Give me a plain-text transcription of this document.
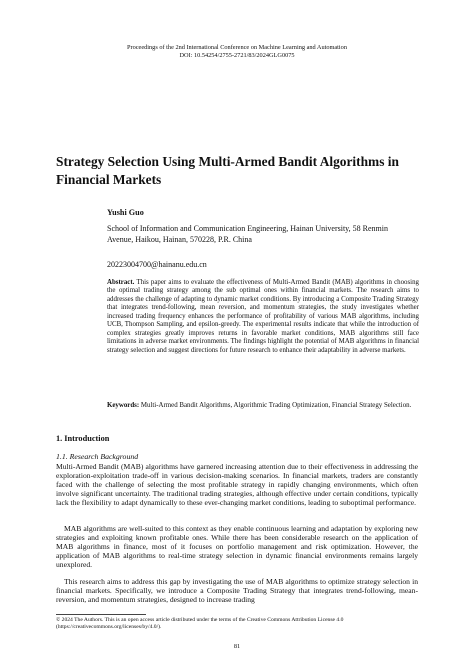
Proceedings of the 2nd International Conference on Machine Learning and Automation
DOI: 10.54254/2755-2721/83/2024GLG0075
Strategy Selection Using Multi-Armed Bandit Algorithms in Financial Markets
Yushi Guo
School of Information and Communication Engineering, Hainan University, 58 Renmin Avenue, Haikou, Hainan, 570228, P.R. China
20223004700@hainanu.edu.cn
Abstract. This paper aims to evaluate the effectiveness of Multi-Armed Bandit (MAB) algorithms in choosing the optimal trading strategy among the sub optimal ones within financial markets. The research aims to addresses the challenge of adapting to dynamic market conditions. By introducing a Composite Trading Strategy that integrates trend-following, mean reversion, and momentum strategies, the study investigates whether increased trading frequency enhances the performance of profitability of various MAB algorithms, including UCB, Thompson Sampling, and epsilon-greedy. The experimental results indicate that while the introduction of complex strategies greatly improves returns in favorable market conditions, MAB algorithms still face limitations in adverse market environments. The findings highlight the potential of MAB algorithms in financial strategy selection and suggest directions for future research to enhance their adaptability in adverse markets.
Keywords: Multi-Armed Bandit Algorithms, Algorithmic Trading Optimization, Financial Strategy Selection.
1. Introduction
1.1. Research Background

Multi-Armed Bandit (MAB) algorithms have garnered increasing attention due to their effectiveness in addressing the exploration-exploitation trade-off in various decision-making scenarios. In financial markets, traders are constantly faced with the challenge of selecting the most profitable strategy in rapidly changing environments, which often involve significant uncertainty. The traditional trading strategies, although effective under certain conditions, typically lack the flexibility to adapt dynamically to these ever-changing market conditions, leading to suboptimal performance.

MAB algorithms are well-suited to this context as they enable continuous learning and adaptation by exploring new strategies and exploiting known profitable ones. While there has been considerable research on the application of MAB algorithms in finance, most of it focuses on portfolio management and risk optimization. However, the application of MAB algorithms to real-time strategy selection in dynamic financial environments remains largely unexplored.

This research aims to address this gap by investigating the use of MAB algorithms to optimize strategy selection in financial markets. Specifically, we introduce a Composite Trading Strategy that integrates trend-following, mean-reversion, and momentum strategies, designed to increase trading

© 2024 The Authors. This is an open access article distributed under the terms of the Creative Commons Attribution License 4.0
(https://creativecommons.org/licenses/by/4.0/).
81
